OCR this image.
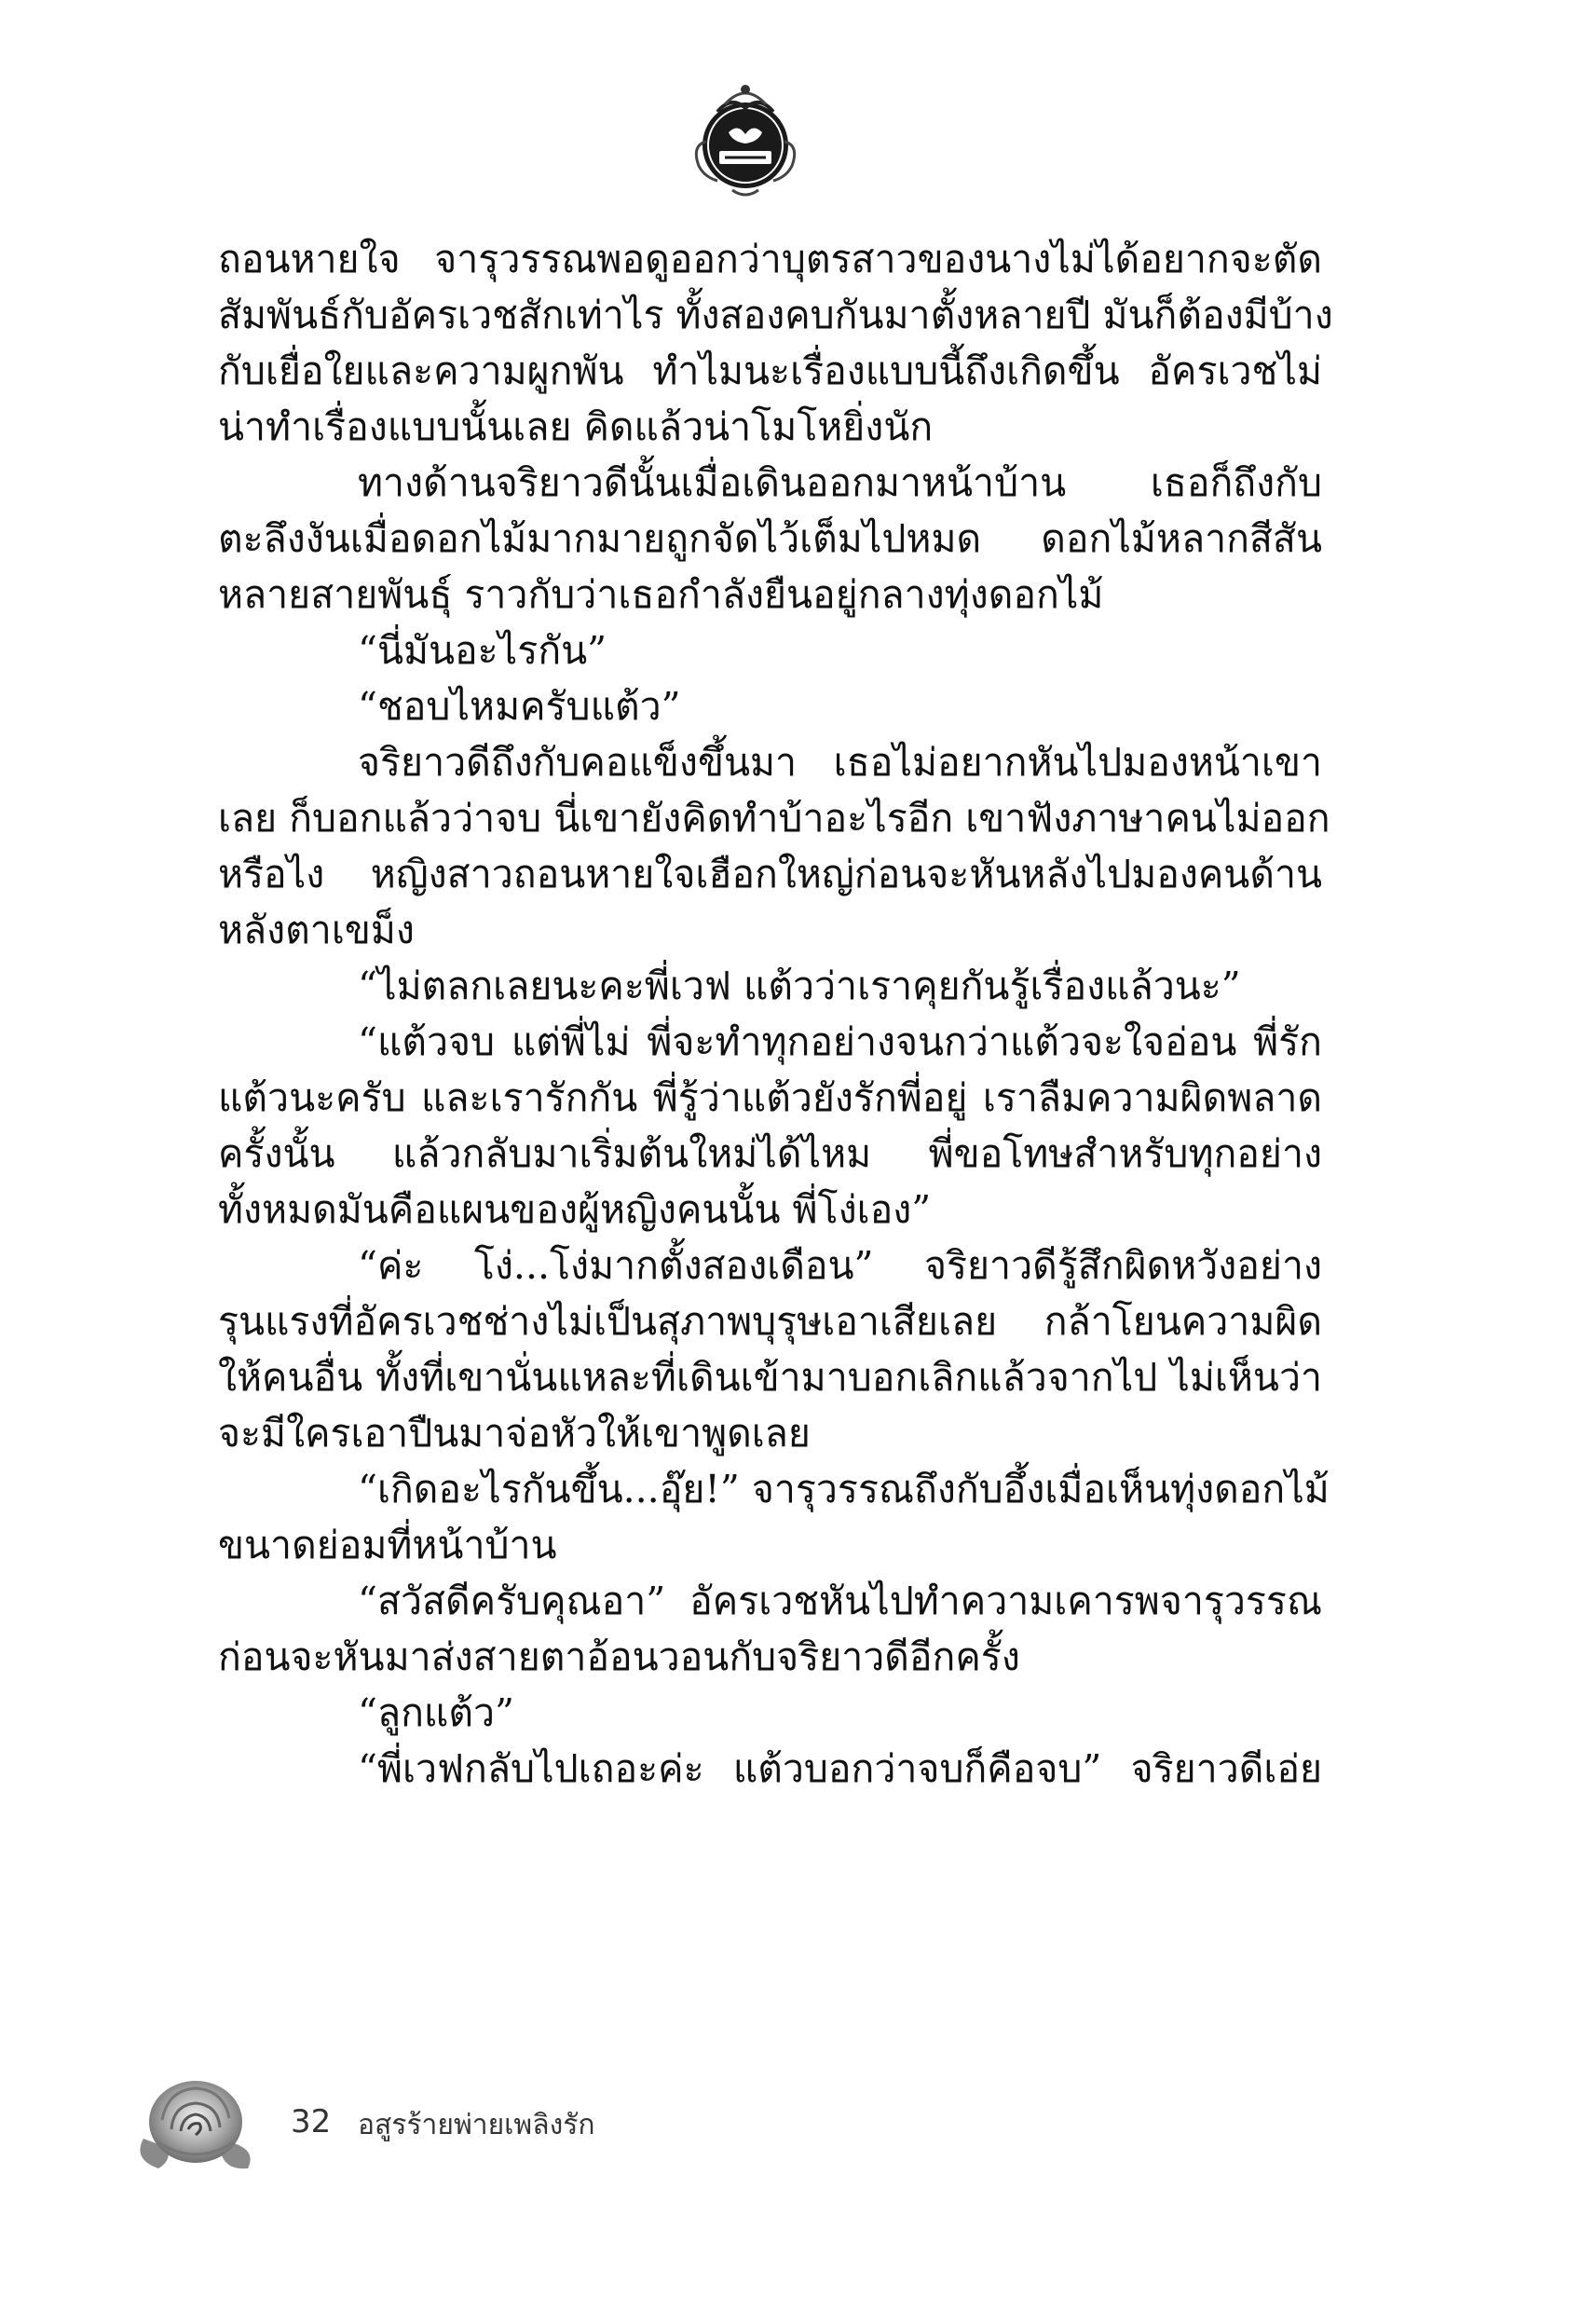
ถอนหายใจ จารุวรรณพอดูออกว่าบุตรสาวของนางไม่ได้อยากจะตัด
สัมพันธ์กับอัครเวชสักเท่าไร ทั้งสองคบกันมาตั้งหลายปี มันก็ต้องมีบ้าง
กับเยื่อใยและความผูกพัน ทำไมนะเรื่องแบบนี้ถึงเกิดขึ้น อัครเวชไม่
น่าทำเรื่องแบบนั้นเลย คิดแล้วน่าโมโหยิ่งนัก
ทางด้านจริยาวดีนั้นเมื่อเดินออกมาหน้าบ้าน เธอก็ถึงกับ
ตะลึงงันเมื่อดอกไม้มากมายถูกจัดไว้เต็มไปหมด ดอกไม้หลากสีสัน
หลายสายพันธุ์ ราวกับว่าเธอกำลังยืนอยู่กลางทุ่งดอกไม้
“นี่มันอะไรกัน”
“ชอบไหมครับแต้ว”
จริยาวดีถึงกับคอแข็งขึ้นมา เธอไม่อยากหันไปมองหน้าเขา
เลย ก็บอกแล้วว่าจบ นี่เขายังคิดทำบ้าอะไรอีก เขาฟังภาษาคนไม่ออก
หรือไง หญิงสาวถอนหายใจเฮือกใหญ่ก่อนจะหันหลังไปมองคนด้าน
หลังตาเขม็ง
“ไม่ตลกเลยนะคะพี่เวฟ แต้วว่าเราคุยกันรู้เรื่องแล้วนะ”
“แต้วจบ แต่พี่ไม่ พี่จะทำทุกอย่างจนกว่าแต้วจะใจอ่อน พี่รัก
แต้วนะครับ และเรารักกัน พี่รู้ว่าแต้วยังรักพี่อยู่ เราลืมความผิดพลาด
ครั้งนั้น แล้วกลับมาเริ่มต้นใหม่ได้ไหม พี่ขอโทษสำหรับทุกอย่าง
ทั้งหมดมันคือแผนของผู้หญิงคนนั้น พี่โง่เอง”
“ค่ะ โง่...โง่มากตั้งสองเดือน” จริยาวดีรู้สึกผิดหวังอย่าง
รุนแรงที่อัครเวชช่างไม่เป็นสุภาพบุรุษเอาเสียเลย กล้าโยนความผิด
ให้คนอื่น ทั้งที่เขานั่นแหละที่เดินเข้ามาบอกเลิกแล้วจากไป ไม่เห็นว่า
จะมีใครเอาปืนมาจ่อหัวให้เขาพูดเลย
“เกิดอะไรกันขึ้น...อุ๊ย!” จารุวรรณถึงกับอึ้งเมื่อเห็นทุ่งดอกไม้
ขนาดย่อมที่หน้าบ้าน
“สวัสดีครับคุณอา” อัครเวชหันไปทำความเคารพจารุวรรณ
ก่อนจะหันมาส่งสายตาอ้อนวอนกับจริยาวดีอีกครั้ง
“ลูกแต้ว”
“พี่เวฟกลับไปเถอะค่ะ แต้วบอกว่าจบก็คือจบ” จริยาวดีเอ่ย
32 อสูรร้ายพ่ายเพลิงรัก
